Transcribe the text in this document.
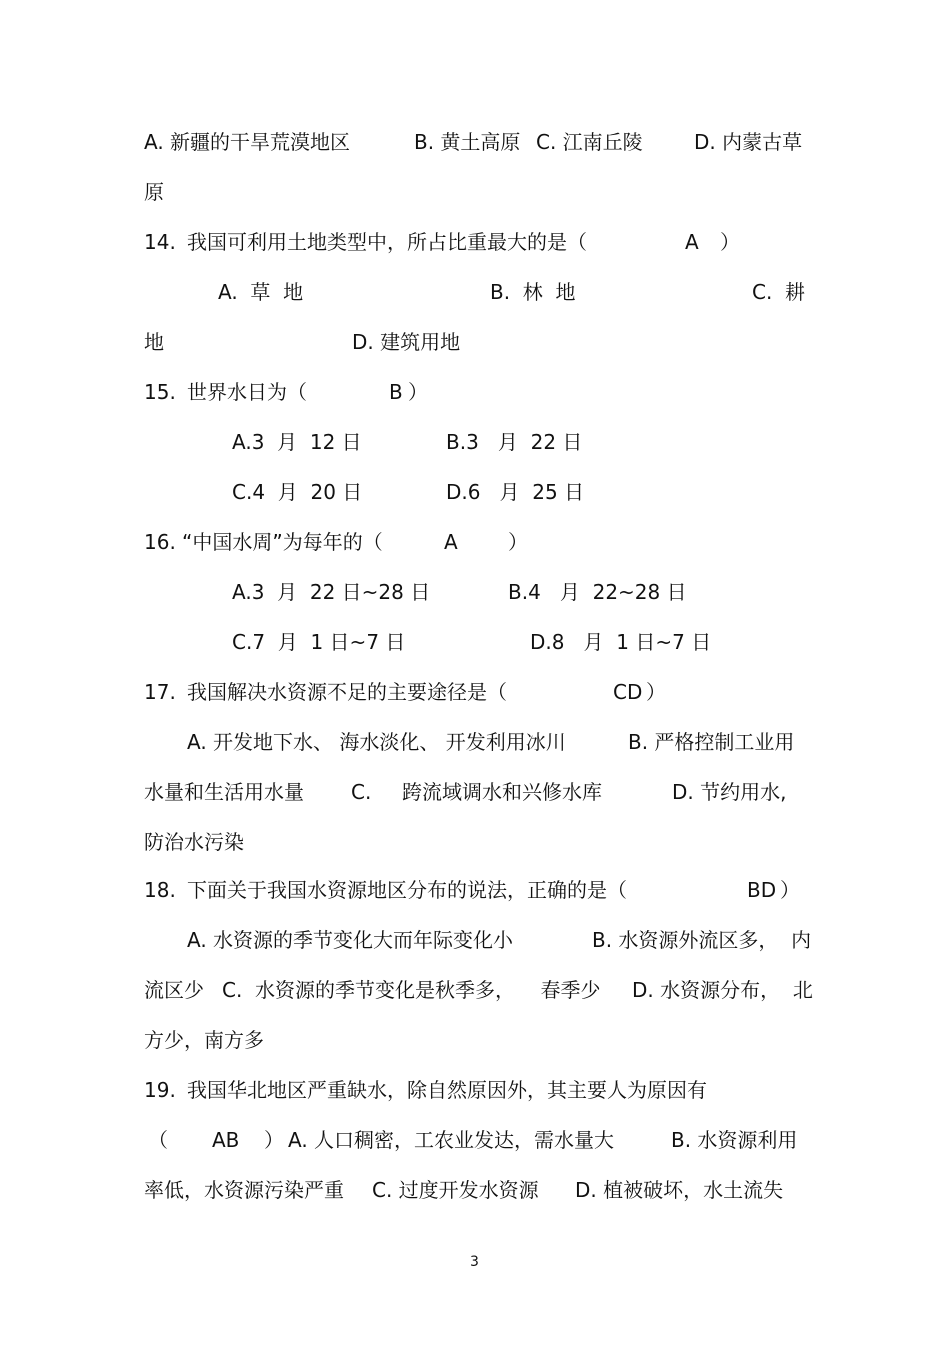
A. 新疆的干旱荒漠地区	B. 黄土高原 C. 江南丘陵	D. 内蒙古草
原
14. 我国可利用土地类型中，所占比重最大的是（	A ）
A.  草  地	B.  林  地	C.  耕
地	D. 建筑用地
15. 世界水日为（	B ）
A.3  月  12 日	B.3   月  22 日
C.4  月  20 日	D.6   月  25 日
16. “中国水周”为每年的（	A	）
A.3  月  22 日~28 日	B.4   月  22~28 日
C.7  月  1 日~7 日	D.8   月  1 日~7 日
17. 我国解决水资源不足的主要途径是（	CD ）
A. 开发地下水、 海水淡化、 开发利用冰川	B. 严格控制工业用
水量和生活用水量 C. 跨流域调水和兴修水库	D. 节约用水,
防治水污染
18. 下面关于我国水资源地区分布的说法，正确的是（	BD ）
A. 水资源的季节变化大而年际变化小	B. 水资源外流区多，  内
流区少 C.  水资源的季节变化是秋季多，    春季少 D. 水资源分布，  北
方少，南方多
19. 我国华北地区严重缺水，除自然原因外，其主要人为原因有
（ AB ） A. 人口稠密，工农业发达，需水量大	B. 水资源利用
率低，水资源污染严重 C. 过度开发水资源 D. 植被破坏，水土流失
3
